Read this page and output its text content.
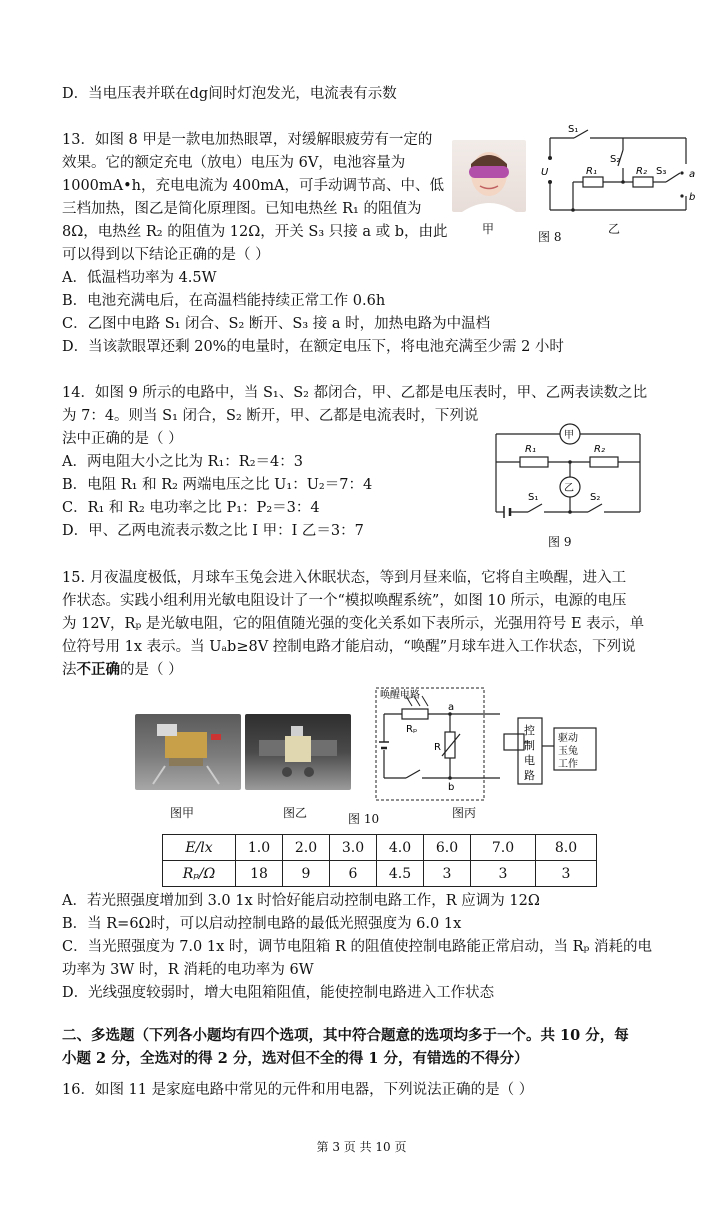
D．当电压表并联在dg间时灯泡发光，电流表有示数
13．如图 8 甲是一款电加热眼罩，对缓解眼疲劳有一定的
效果。它的额定充电（放电）电压为 6V，电池容量为
1000mA•h，充电电流为 400mA，可手动调节高、中、低
三档加热，图乙是简化原理图。已知电热丝 R₁ 的阻值为
8Ω，电热丝 R₂ 的阻值为 12Ω，开关 S₃ 只接 a 或 b，由此
可以得到以下结论正确的是（ ）
A．低温档功率为 4.5W
B．电池充满电后，在高温档能持续正常工作 0.6h
C．乙图中电路 S₁ 闭合、S₂ 断开、S₃ 接 a 时，加热电路为中温档
D．当该款眼罩还剩 20%的电量时，在额定电压下，将电池充满至少需 2 小时
甲
S₁
S₂
S₃
R₁	R₂
U	a
b
图 8
乙
14．如图 9 所示的电路中，当 S₁、S₂ 都闭合，甲、乙都是电压表时，甲、乙两表读数之比
为 7：4。则当 S₁ 闭合，S₂ 断开，甲、乙都是电流表时，下列说
法中正确的是（ ）
A．两电阻大小之比为 R₁：R₂＝4：3
B．电阻 R₁ 和 R₂ 两端电压之比 U₁：U₂＝7：4
C．R₁ 和 R₂ 电功率之比 P₁：P₂＝3：4
D．甲、乙两电流表示数之比 I 甲：I 乙＝3：7
甲
乙
R₁	R₂
S₁	S₂
图 9
15. 月夜温度极低，月球车玉兔会进入休眠状态，等到月昼来临，它将自主唤醒，进入工
作状态。实践小组利用光敏电阻设计了一个“模拟唤醒系统”，如图 10 所示，电源的电压
为 12V，Rₚ 是光敏电阻，它的阻值随光强的变化关系如下表所示，光强用符号 E 表示，单
位符号用 1x 表示。当 Uₐb≥8V 控制电路才能启动，“唤醒”月球车进入工作状态，下列说
法不正确的是（ ）
图甲	图乙	图 10	图丙
唤醒电路
Rₚ
R
a
b
控
制
电
路
驱动
玉兔
工作
E/lx	1.0	2.0	3.0	4.0	6.0	7.0	8.0
Rₚ/Ω	18	9	6	4.5	3	3	3
A．若光照强度增加到 3.0 1x 时恰好能启动控制电路工作，R 应调为 12Ω
B．当 R=6Ω时，可以启动控制电路的最低光照强度为 6.0 1x
C．当光照强度为 7.0 1x 时，调节电阻箱 R 的阻值使控制电路能正常启动，当 Rₚ 消耗的电
功率为 3W 时，R 消耗的电功率为 6W
D．光线强度较弱时，增大电阻箱阻值，能使控制电路进入工作状态
二、多选题（下列各小题均有四个选项，其中符合题意的选项均多于一个。共 10 分，每
小题 2 分，全选对的得 2 分，选对但不全的得 1 分，有错选的不得分）
16．如图 11 是家庭电路中常见的元件和用电器，下列说法正确的是（ ）
第 3 页 共 10 页
